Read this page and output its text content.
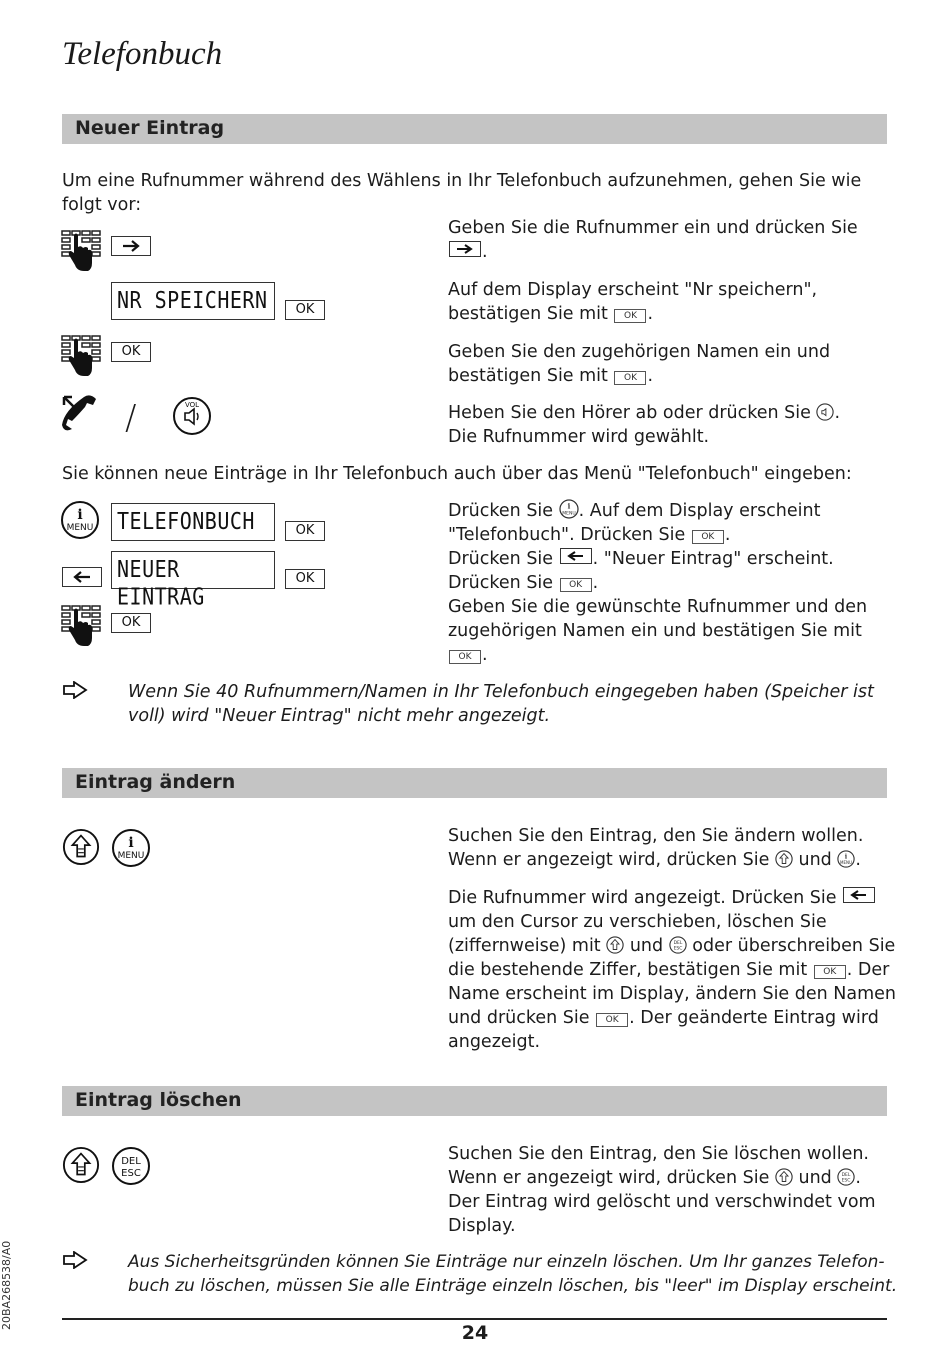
Telefonbuch
Neuer Eintrag
Um eine Rufnummer während des Wählens in Ihr Telefonbuch aufzunehmen, gehen Sie wie
folgt vor:
NR SPEICHERN	OK
OK
/	VOL
Geben Sie die Rufnummer ein und drücken Sie
.
Auf dem Display erscheint "Nr speichern",
bestätigen Sie mit OK .
Geben Sie den zugehörigen Namen ein und
bestätigen Sie mit OK .
Heben Sie den Hörer ab oder drücken Sie .
Die Rufnummer wird gewählt.
Sie können neue Einträge in Ihr Telefonbuch auch über das Menü "Telefonbuch" eingeben:
i
MENU TELEFONBUCH	OK
NEUER EINTRAG
OK
OK
Drücken Sie i
MENU . Auf dem Display erscheint
"Telefonbuch". Drücken Sie OK .
Drücken Sie . "Neuer Eintrag" erscheint.
Drücken Sie OK .
Geben Sie die gewünschte Rufnummer und den
zugehörigen Namen ein und bestätigen Sie mit
OK .
Wenn Sie 40 Rufnummern/Namen in Ihr Telefonbuch eingegeben haben (Speicher ist
voll) wird "Neuer Eintrag" nicht mehr angezeigt.
Eintrag ändern
i
MENU
Suchen Sie den Eintrag, den Sie ändern wollen.
Wenn er angezeigt wird, drücken Sie und i
MENU .
Die Rufnummer wird angezeigt. Drücken Sie
um den Cursor zu verschieben, löschen Sie
(ziffernweise) mit und DEL
ESC oder überschreiben Sie
die bestehende Ziffer, bestätigen Sie mit OK . Der
Name erscheint im Display, ändern Sie den Namen
und drücken Sie OK . Der geänderte Eintrag wird
angezeigt.
Eintrag löschen
DEL
ESC
Suchen Sie den Eintrag, den Sie löschen wollen.
Wenn er angezeigt wird, drücken Sie und DEL
ESC .
Der Eintrag wird gelöscht und verschwindet vom
Display.
Aus Sicherheitsgründen können Sie Einträge nur einzeln löschen. Um Ihr ganzes Telefon-
buch zu löschen, müssen Sie alle Einträge einzeln löschen, bis "leer" im Display erscheint.
24
20BA268538/A0
